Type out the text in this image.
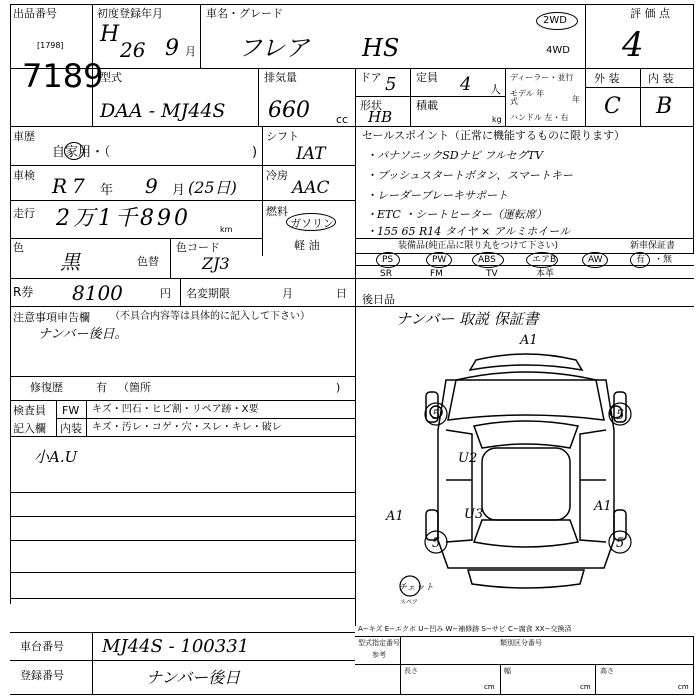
出品番号
[1798]
7189
初度登録年月
H
26 9 月
車名・グレード
フレア HS
2WD
4WD
評 価 点
4
型式
DAA - MJ44S
排気量
660 cc
ドア 5 定員 4 人
形状
HB
積載
kg
ディーラー・並行
モデル 年式	年
ハンドル 左・右
外 装	内 装
C B
車歴
自家用・（	)
シフト
IAT
車検 R 7 年 9 月 (25日)
冷房
AAC
走行 2万1千890	km
燃料
ガソリン
軽 油
色
黒	色替
色コード
ZJ3
R券 8100	円 名変期限	月	日
注意事項申告欄 （不具合内容等は具体的に記入して下さい）
ナンバー後日。
修復歴	有 （箇所	)
検査員
記入欄
FW キズ・凹石・ヒビ割・リペア跡・X要
内装 キズ・汚レ・コゲ・穴・スレ・キレ・破レ
小A.U
セールスポイント（正常に機能するものに限ります）
・パナソニックSDナビ フルセグTV
・プッシュスタートボタン、スマートキー
・レーダーブレーキサポート
・ETC ・シートヒーター（運転席）
・155 65 R14 タイヤ × アルミホイール
装備品(純正品に限り丸をつけて下さい)	新車保証書
PS	PW	ABS	エアB	AW	有 ・無
SR	FM	TV	本革
後日品
ナンバー 取説 保証書
A1
5	5
U2
A1	U3
A1
5	5
チェット
スペア
A−キズ E−エクボ U−凹み W−補修跡 S−サビ C−腐食 XX−交換済
車台番号 MJ44S - 100331
登録番号	ナンバー後日
型式指定番号
参考
類別区分番号
長さ	幅	高さ
cm	cm	cm
